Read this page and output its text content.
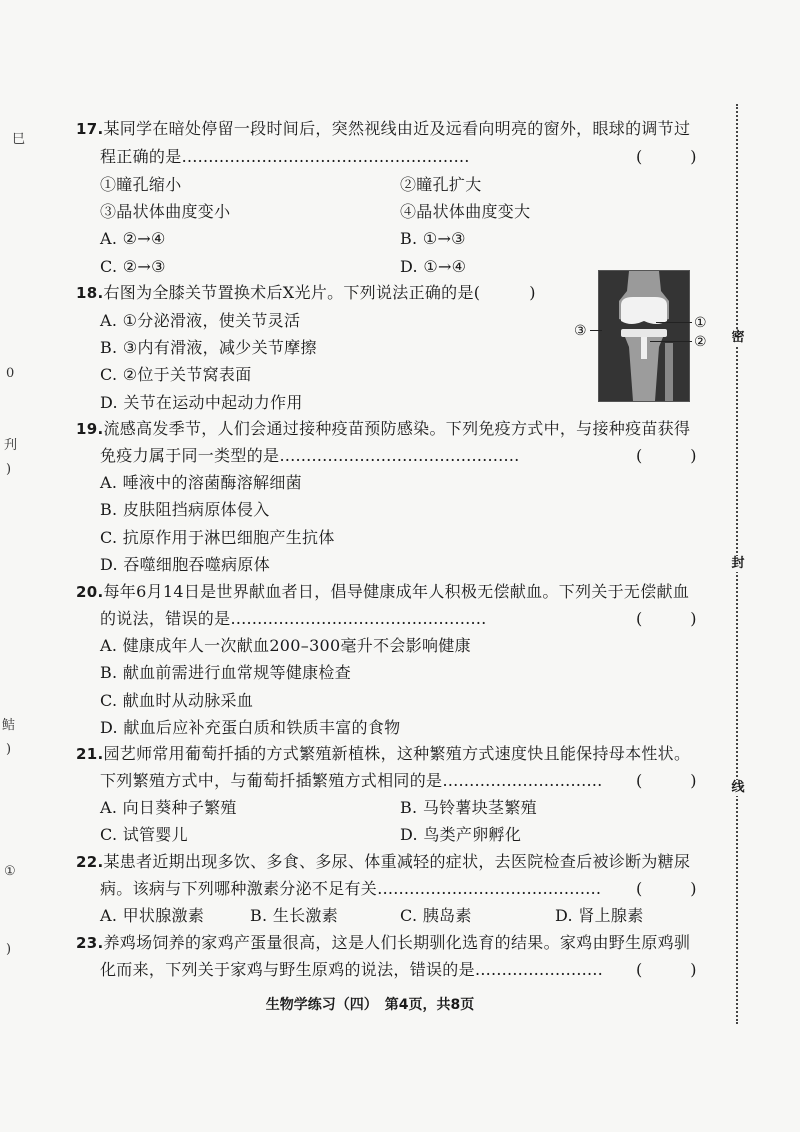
巳
0
刋
)
鲒
)
①
)
密
封
线
17.某同学在暗处停留一段时间后，突然视线由近及远看向明亮的窗外，眼球的调节过
程正确的是………………………………………………	(　　　)
①瞳孔缩小	②瞳孔扩大
③晶状体曲度变小	④晶状体曲度变大
A. ②→④	B. ①→③
C. ②→③	D. ①→④
18.右图为全膝关节置换术后X光片。下列说法正确的是(　　　)
A. ①分泌滑液，使关节灵活
B. ③内有滑液，减少关节摩擦
C. ②位于关节窝表面
D. 关节在运动中起动力作用
③	①
②
19.流感高发季节，人们会通过接种疫苗预防感染。下列免疫方式中，与接种疫苗获得
免疫力属于同一类型的是………………………………………	(　　　)
A. 唾液中的溶菌酶溶解细菌
B. 皮肤阻挡病原体侵入
C. 抗原作用于淋巴细胞产生抗体
D. 吞噬细胞吞噬病原体
20.每年6月14日是世界献血者日，倡导健康成年人积极无偿献血。下列关于无偿献血
的说法，错误的是…………………………………………	(　　　)
A. 健康成年人一次献血200–300毫升不会影响健康
B. 献血前需进行血常规等健康检查
C. 献血时从动脉采血
D. 献血后应补充蛋白质和铁质丰富的食物
21.园艺师常用葡萄扦插的方式繁殖新植株，这种繁殖方式速度快且能保持母本性状。
下列繁殖方式中，与葡萄扦插繁殖方式相同的是………………………… (　　　)
A. 向日葵种子繁殖	B. 马铃薯块茎繁殖
C. 试管婴儿	D. 鸟类产卵孵化
22.某患者近期出现多饮、多食、多尿、体重减轻的症状，去医院检查后被诊断为糖尿
病。该病与下列哪种激素分泌不足有关…………………………………… (　　　)
A. 甲状腺激素	B. 生长激素	C. 胰岛素	D. 肾上腺素
23.养鸡场饲养的家鸡产蛋量很高，这是人们长期驯化选育的结果。家鸡由野生原鸡驯
化而来，下列关于家鸡与野生原鸡的说法，错误的是…………………… (　　　)
生物学练习（四）　第4页，共8页
